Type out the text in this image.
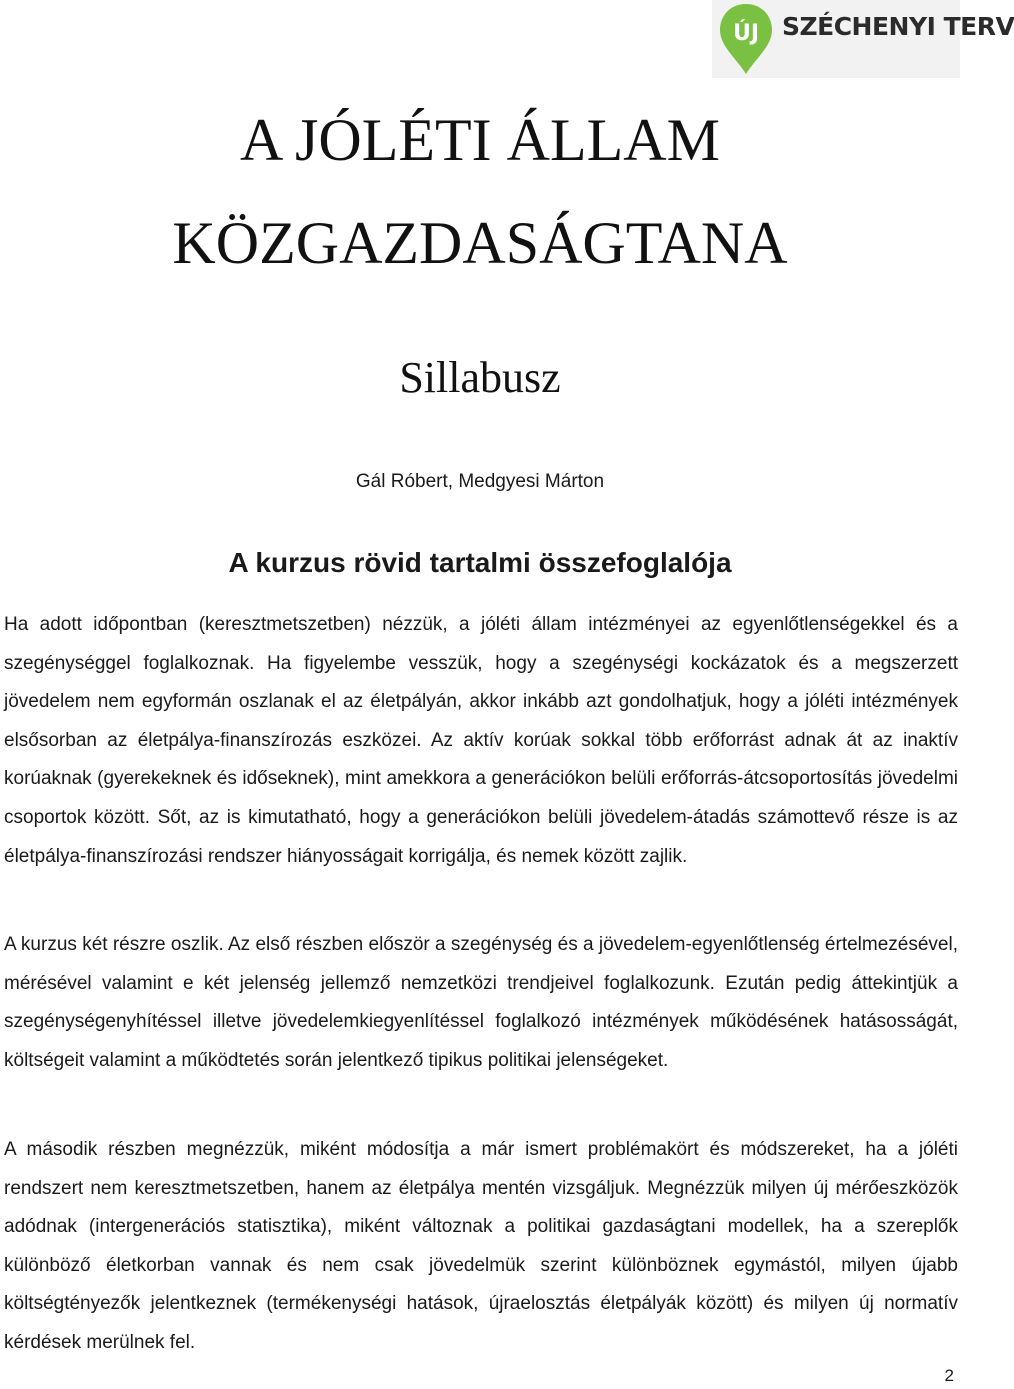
ÚJ SZÉCHENYI TERV
A JÓLÉTI ÁLLAM
KÖZGAZDASÁGTANA
Sillabusz
Gál Róbert, Medgyesi Márton
A kurzus rövid tartalmi összefoglalója

Ha adott időpontban (keresztmetszetben) nézzük, a jóléti állam intézményei az egyenlőtlenségekkel és a szegénységgel foglalkoznak. Ha figyelembe vesszük, hogy a szegénységi kockázatok és a megszerzett jövedelem nem egyformán oszlanak el az életpályán, akkor inkább azt gondolhatjuk, hogy a jóléti intézmények elsősorban az életpálya-finanszírozás eszközei. Az aktív korúak sokkal több erőforrást adnak át az inaktív korúaknak (gyerekeknek és időseknek), mint amekkora a generációkon belüli erőforrás-átcsoportosítás jövedelmi csoportok között. Sőt, az is kimutatható, hogy a generációkon belüli jövedelem-átadás számottevő része is az életpálya-finanszírozási rendszer hiányosságait korrigálja, és nemek között zajlik.

A kurzus két részre oszlik. Az első részben először a szegénység és a jövedelem-egyenlőtlenség értelmezésével, mérésével valamint e két jelenség jellemző nemzetközi trendjeivel foglalkozunk. Ezután pedig áttekintjük a szegénységenyhítéssel illetve jövedelemkiegyenlítéssel foglalkozó intézmények működésének hatásosságát, költségeit valamint a működtetés során jelentkező tipikus politikai jelenségeket.

A második részben megnézzük, miként módosítja a már ismert problémakört és módszereket, ha a jóléti rendszert nem keresztmetszetben, hanem az életpálya mentén vizsgáljuk. Megnézzük milyen új mérőeszközök adódnak (intergenerációs statisztika), miként változnak a politikai gazdaságtani modellek, ha a szereplők különböző életkorban vannak és nem csak jövedelmük szerint különböznek egymástól, milyen újabb költségtényezők jelentkeznek (termékenységi hatások, újraelosztás életpályák között) és milyen új normatív kérdések merülnek fel.

2
